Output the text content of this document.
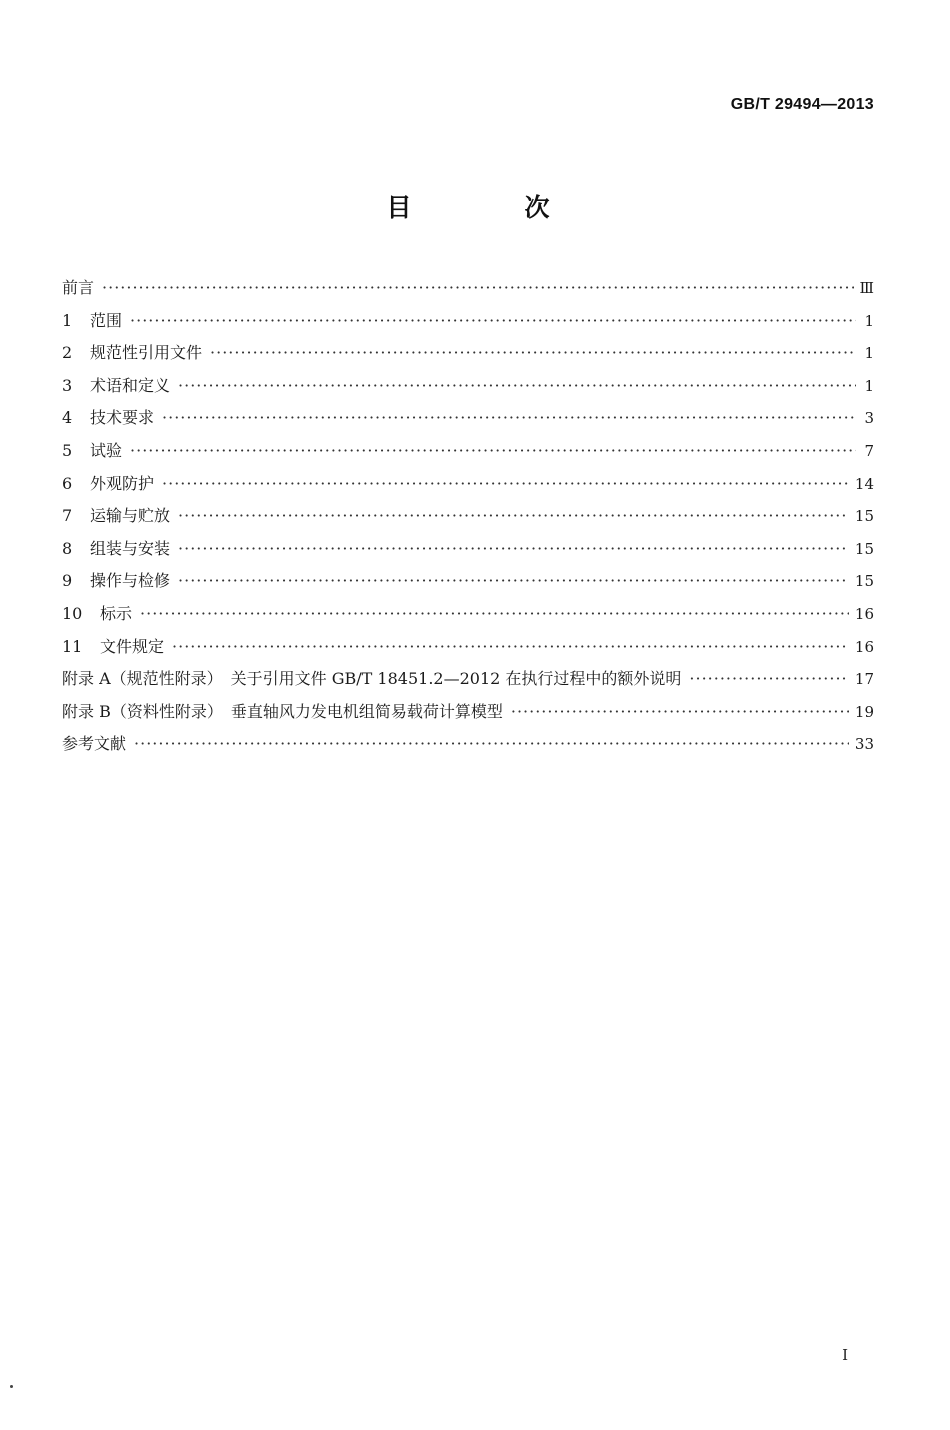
GB/T 29494—2013
目　次
前言 ·····	Ⅲ
1	范围 ·····	1
2	规范性引用文件 ·····	1
3	术语和定义 ·····	1
4	技术要求 ·····	3
5	试验 ·····	7
6	外观防护 ·····	14
7	运输与贮放 ·····	15
8	组装与安装 ·····	15
9	操作与检修 ·····	15
10	标示 ·····	16
11	文件规定 ·····	16
附录 A（规范性附录）　关于引用文件 GB/T 18451.2—2012 在执行过程中的额外说明 ·····	17
附录 B（资料性附录）　垂直轴风力发电机组简易载荷计算模型 ·····	19
参考文献 ·····	33
I
